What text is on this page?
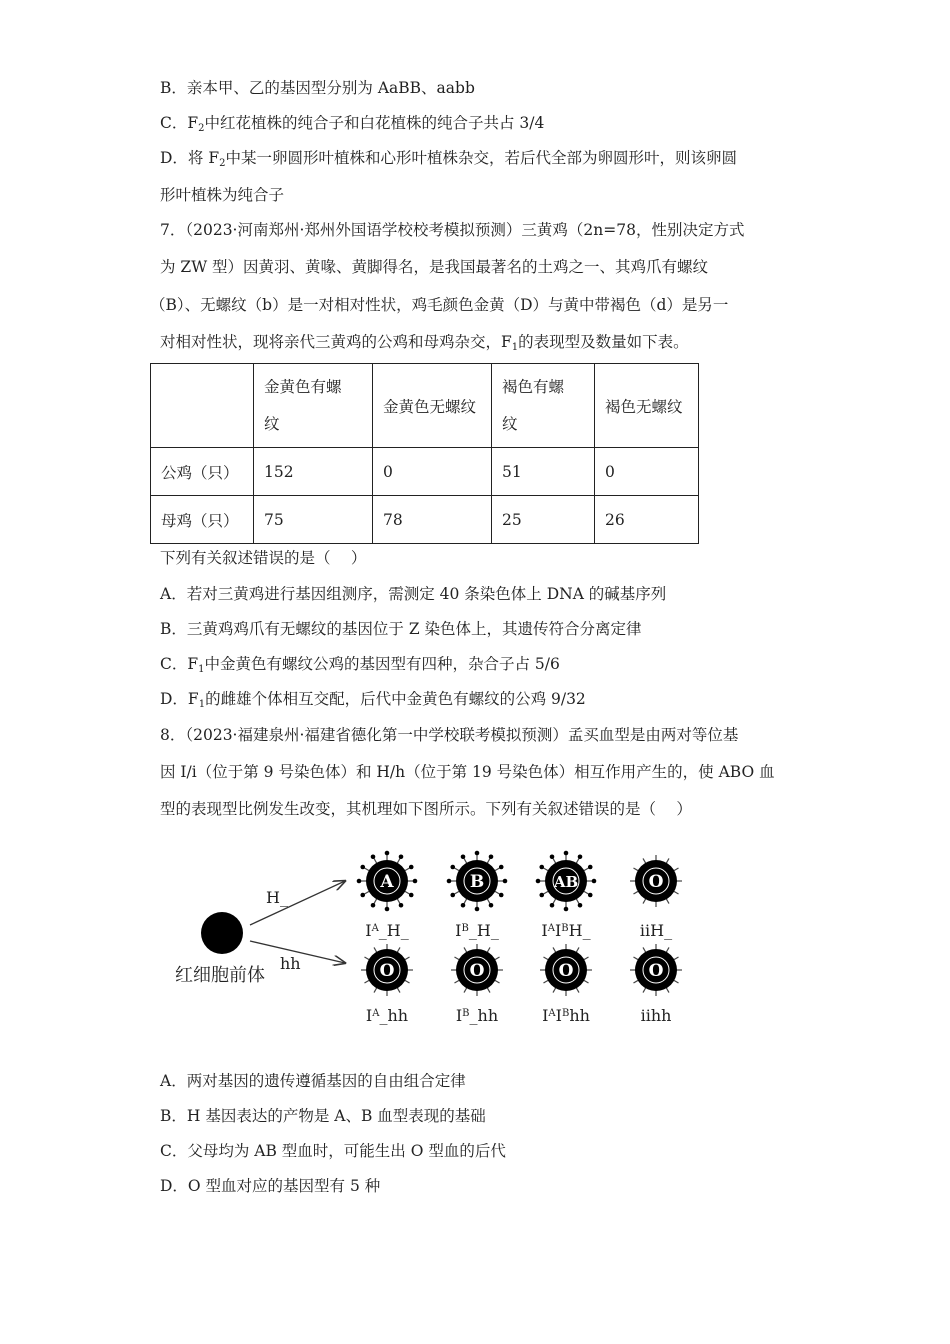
B．亲本甲、乙的基因型分别为 AaBB、aabb
C．$F_2$中红花植株的纯合子和白花植株的纯合子共占 3/4
D．将 $F_2$中某一卵圆形叶植株和心形叶植株杂交，若后代全部为卵圆形叶，则该卵圆
形叶植株为纯合子
7．（2023·河南郑州·郑州外国语学校校考模拟预测）三黄鸡（2n=78，性别决定方式
为 ZW 型）因黄羽、黄喙、黄脚得名，是我国最著名的土鸡之一、其鸡爪有螺纹
（B）、无螺纹（b）是一对相对性状，鸡毛颜色金黄（D）与黄中带褐色（d）是另一
对相对性状，现将亲代三黄鸡的公鸡和母鸡杂交，$F_1$的表现型及数量如下表。

	金黄色有螺纹	金黄色无螺纹	褐色有螺纹	褐色无螺纹
公鸡（只）	152	0	51	0
母鸡（只）	75	78	25	26
下列有关叙述错误的是（　 ）
A．若对三黄鸡进行基因组测序，需测定 40 条染色体上 DNA 的碱基序列
B．三黄鸡鸡爪有无螺纹的基因位于 Z 染色体上，其遗传符合分离定律
C．$F_1$中金黄色有螺纹公鸡的基因型有四种，杂合子占 5/6
D．$F_1$的雌雄个体相互交配，后代中金黄色有螺纹的公鸡 9/32
8．（2023·福建泉州·福建省德化第一中学校联考模拟预测）孟买血型是由两对等位基
因 I/i（位于第 9 号染色体）和 H/h（位于第 19 号染色体）相互作用产生的，使 ABO 血
型的表现型比例发生改变，其机理如下图所示。下列有关叙述错误的是（　 ）
红细胞前体
H_
hh
A
$I^A\_H\_$
B
$I^B\_H\_$
AB
$I^AI^BH\_$
O
iiH_
O
$I^A\_hh$
O
$I^B\_hh$
O
$I^AI^Bhh$
O
iihh
A．两对基因的遗传遵循基因的自由组合定律
B．H 基因表达的产物是 A、B 血型表现的基础
C．父母均为 AB 型血时，可能生出 O 型血的后代
D．O 型血对应的基因型有 5 种
